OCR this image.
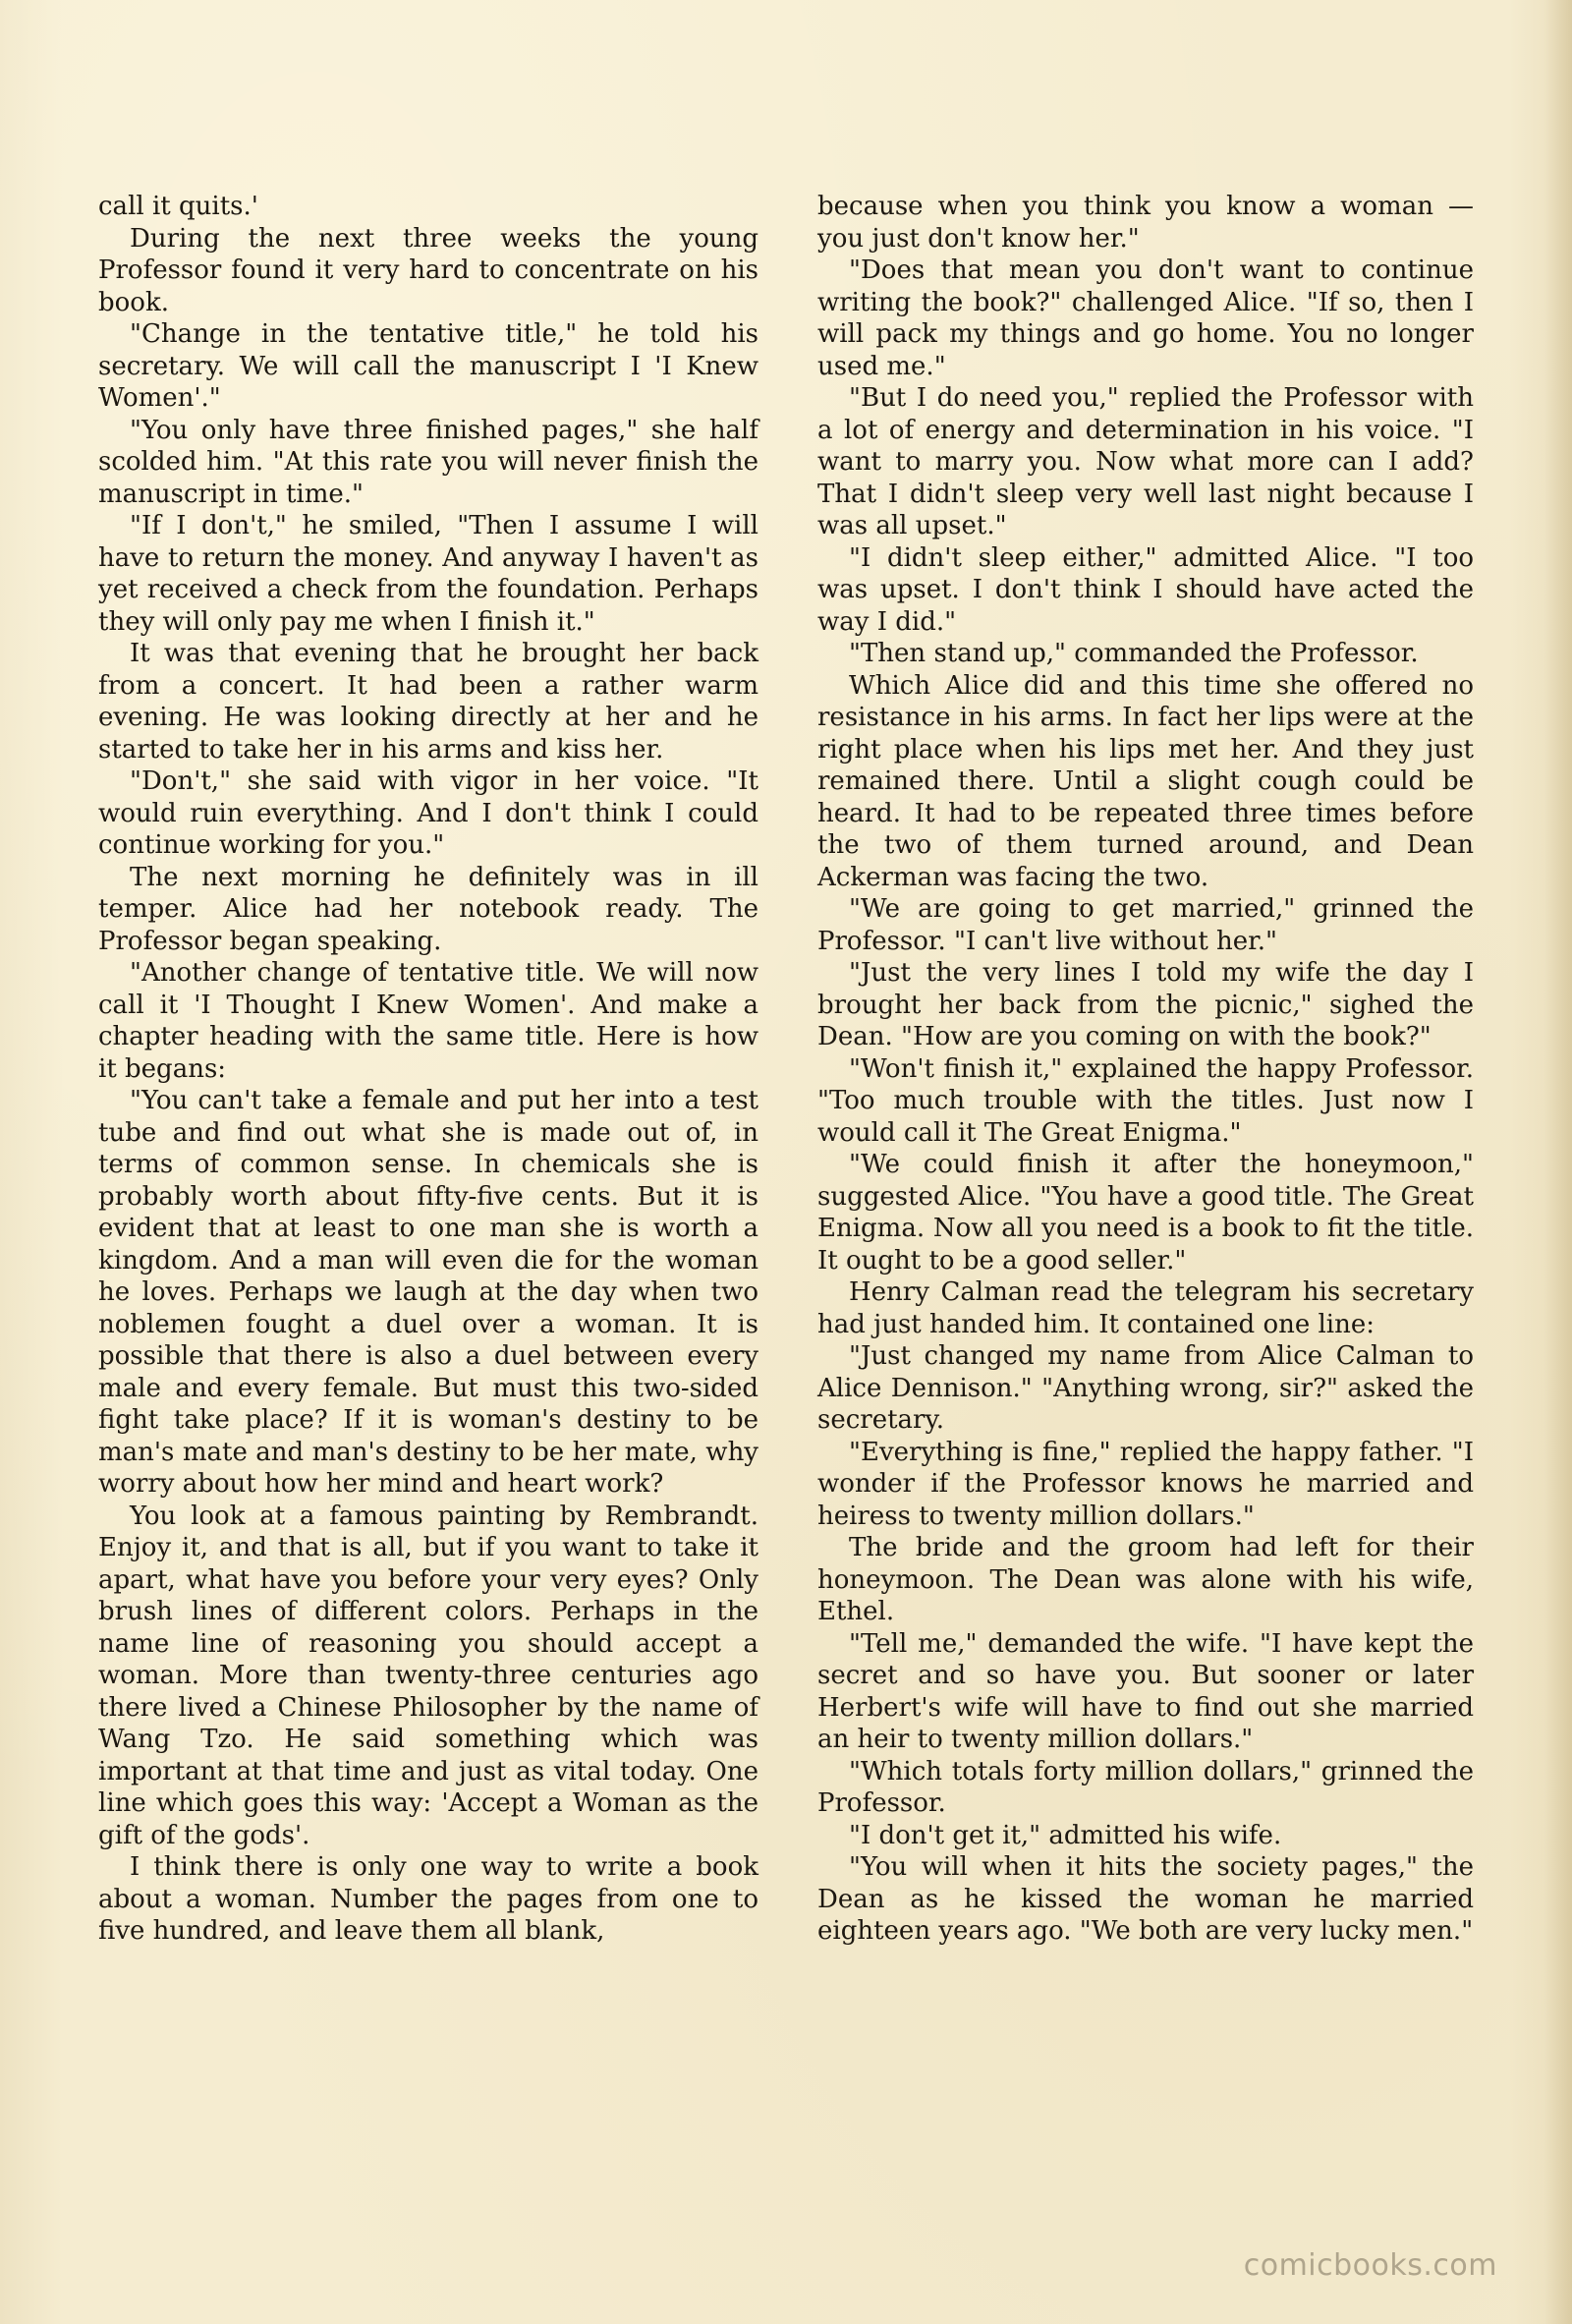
call it quits.'

During the next three weeks the young Professor found it very hard to concentrate on his book.

"Change in the tentative title," he told his secretary. We will call the manuscript I 'I Knew Women'."

"You only have three finished pages," she half scolded him. "At this rate you will never finish the manuscript in time."

"If I don't," he smiled, "Then I assume I will have to return the money. And anyway I haven't as yet received a check from the foundation. Perhaps they will only pay me when I finish it."

It was that evening that he brought her back from a concert. It had been a rather warm evening. He was looking directly at her and he started to take her in his arms and kiss her.

"Don't," she said with vigor in her voice. "It would ruin everything. And I don't think I could continue working for you."

The next morning he definitely was in ill temper. Alice had her notebook ready. The Professor began speaking.

"Another change of tentative title. We will now call it 'I Thought I Knew Women'. And make a chapter heading with the same title. Here is how it begans:

"You can't take a female and put her into a test tube and find out what she is made out of, in terms of common sense. In chemicals she is probably worth about fifty-five cents. But it is evident that at least to one man she is worth a kingdom. And a man will even die for the woman he loves. Perhaps we laugh at the day when two noblemen fought a duel over a woman. It is possible that there is also a duel between every male and every female. But must this two-sided fight take place? If it is woman's destiny to be man's mate and man's destiny to be her mate, why worry about how her mind and heart work?

You look at a famous painting by Rembrandt. Enjoy it, and that is all, but if you want to take it apart, what have you before your very eyes? Only brush lines of different colors. Perhaps in the name line of reasoning you should accept a woman. More than twenty-three centuries ago there lived a Chinese Philosopher by the name of Wang Tzo. He said something which was important at that time and just as vital today. One line which goes this way: 'Accept a Woman as the gift of the gods'.

I think there is only one way to write a book about a woman. Number the pages from one to five hundred, and leave them all blank,

because when you think you know a woman — you just don't know her."

"Does that mean you don't want to continue writing the book?" challenged Alice. "If so, then I will pack my things and go home. You no longer used me."

"But I do need you," replied the Professor with a lot of energy and determination in his voice. "I want to marry you. Now what more can I add? That I didn't sleep very well last night because I was all upset."

"I didn't sleep either," admitted Alice. "I too was upset. I don't think I should have acted the way I did."

"Then stand up," commanded the Professor.

Which Alice did and this time she offered no resistance in his arms. In fact her lips were at the right place when his lips met her. And they just remained there. Until a slight cough could be heard. It had to be repeated three times before the two of them turned around, and Dean Ackerman was facing the two.

"We are going to get married," grinned the Professor. "I can't live without her."

"Just the very lines I told my wife the day I brought her back from the picnic," sighed the Dean. "How are you coming on with the book?"

"Won't finish it," explained the happy Professor. "Too much trouble with the titles. Just now I would call it The Great Enigma."

"We could finish it after the honeymoon," suggested Alice. "You have a good title. The Great Enigma. Now all you need is a book to fit the title. It ought to be a good seller."

Henry Calman read the telegram his secretary had just handed him. It contained one line:

"Just changed my name from Alice Calman to Alice Dennison." "Anything wrong, sir?" asked the secretary.

"Everything is fine," replied the happy father. "I wonder if the Professor knows he married and heiress to twenty million dollars."

The bride and the groom had left for their honeymoon. The Dean was alone with his wife, Ethel.

"Tell me," demanded the wife. "I have kept the secret and so have you. But sooner or later Herbert's wife will have to find out she married an heir to twenty million dollars."

"Which totals forty million dollars," grinned the Professor.

"I don't get it," admitted his wife.

"You will when it hits the society pages," the Dean as he kissed the woman he married eighteen years ago. "We both are very lucky men."

comicbooks.com
